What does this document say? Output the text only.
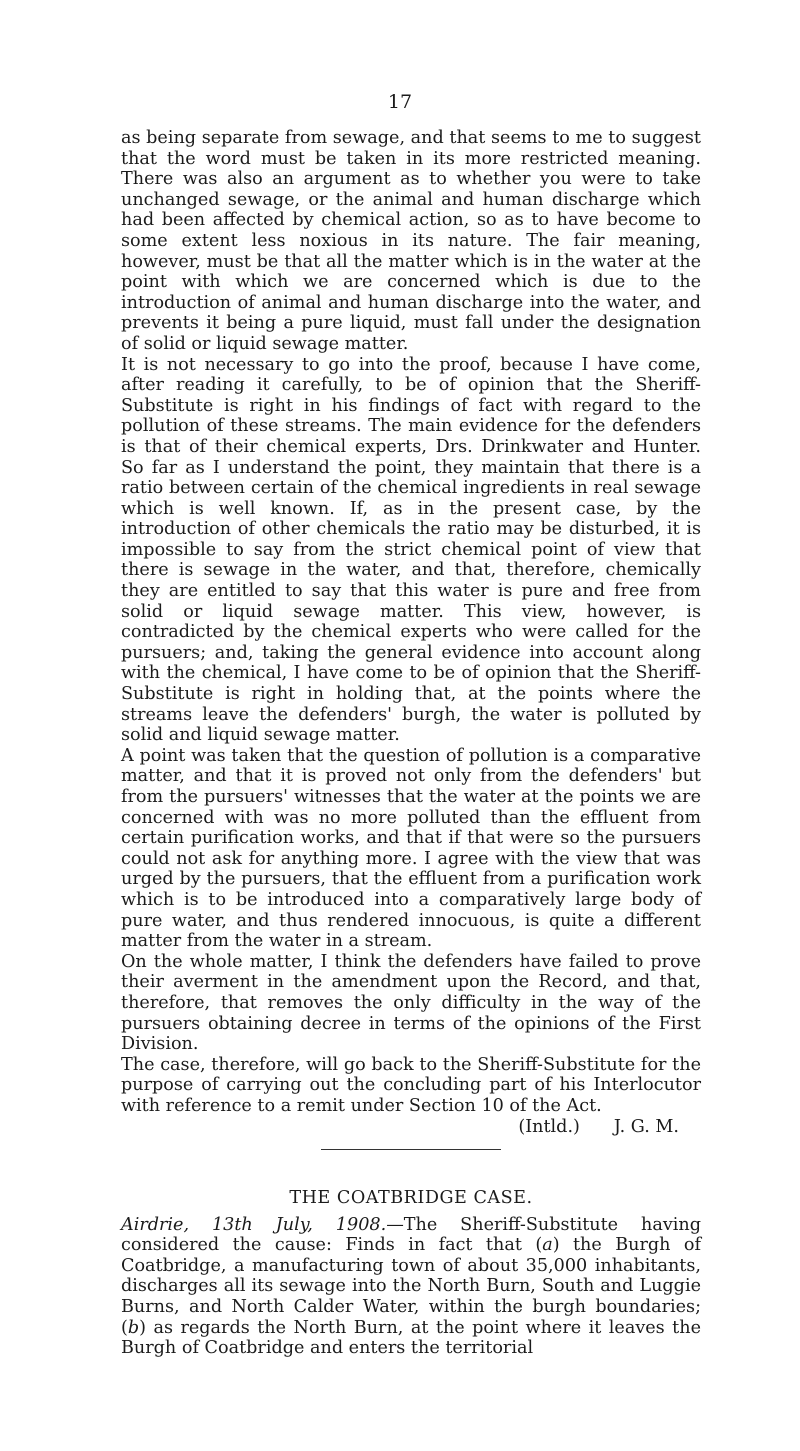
17

as being separate from sewage, and that seems to me to suggest that the word must be taken in its more restricted meaning. There was also an argument as to whether you were to take unchanged sewage, or the animal and human discharge which had been affected by chemical action, so as to have become to some extent less noxious in its nature. The fair meaning, however, must be that all the matter which is in the water at the point with which we are concerned which is due to the introduction of animal and human discharge into the water, and prevents it being a pure liquid, must fall under the designation of solid or liquid sewage matter.

It is not necessary to go into the proof, because I have come, after reading it carefully, to be of opinion that the Sheriff-Substitute is right in his findings of fact with regard to the pollution of these streams. The main evidence for the defenders is that of their chemical experts, Drs. Drinkwater and Hunter. So far as I understand the point, they maintain that there is a ratio between certain of the chemical ingredients in real sewage which is well known. If, as in the present case, by the introduction of other chemicals the ratio may be disturbed, it is impossible to say from the strict chemical point of view that there is sewage in the water, and that, therefore, chemically they are entitled to say that this water is pure and free from solid or liquid sewage matter. This view, however, is contradicted by the chemical experts who were called for the pursuers; and, taking the general evidence into account along with the chemical, I have come to be of opinion that the Sheriff-Substitute is right in holding that, at the points where the streams leave the defenders' burgh, the water is polluted by solid and liquid sewage matter.

A point was taken that the question of pollution is a comparative matter, and that it is proved not only from the defenders' but from the pursuers' witnesses that the water at the points we are concerned with was no more polluted than the effluent from certain purification works, and that if that were so the pursuers could not ask for anything more. I agree with the view that was urged by the pursuers, that the effluent from a purification work which is to be introduced into a comparatively large body of pure water, and thus rendered innocuous, is quite a different matter from the water in a stream.

On the whole matter, I think the defenders have failed to prove their averment in the amendment upon the Record, and that, therefore, that removes the only difficulty in the way of the pursuers obtaining decree in terms of the opinions of the First Division.

The case, therefore, will go back to the Sheriff-Substitute for the purpose of carrying out the concluding part of his Interlocutor with reference to a remit under Section 10 of the Act.

(Intld.) J. G. M.

THE COATBRIDGE CASE.

Airdrie, 13th July, 1908.—The Sheriff-Substitute having considered the cause: Finds in fact that (a) the Burgh of Coatbridge, a manufacturing town of about 35,000 inhabitants, discharges all its sewage into the North Burn, South and Luggie Burns, and North Calder Water, within the burgh boundaries; (b) as regards the North Burn, at the point where it leaves the Burgh of Coatbridge and enters the territorial
